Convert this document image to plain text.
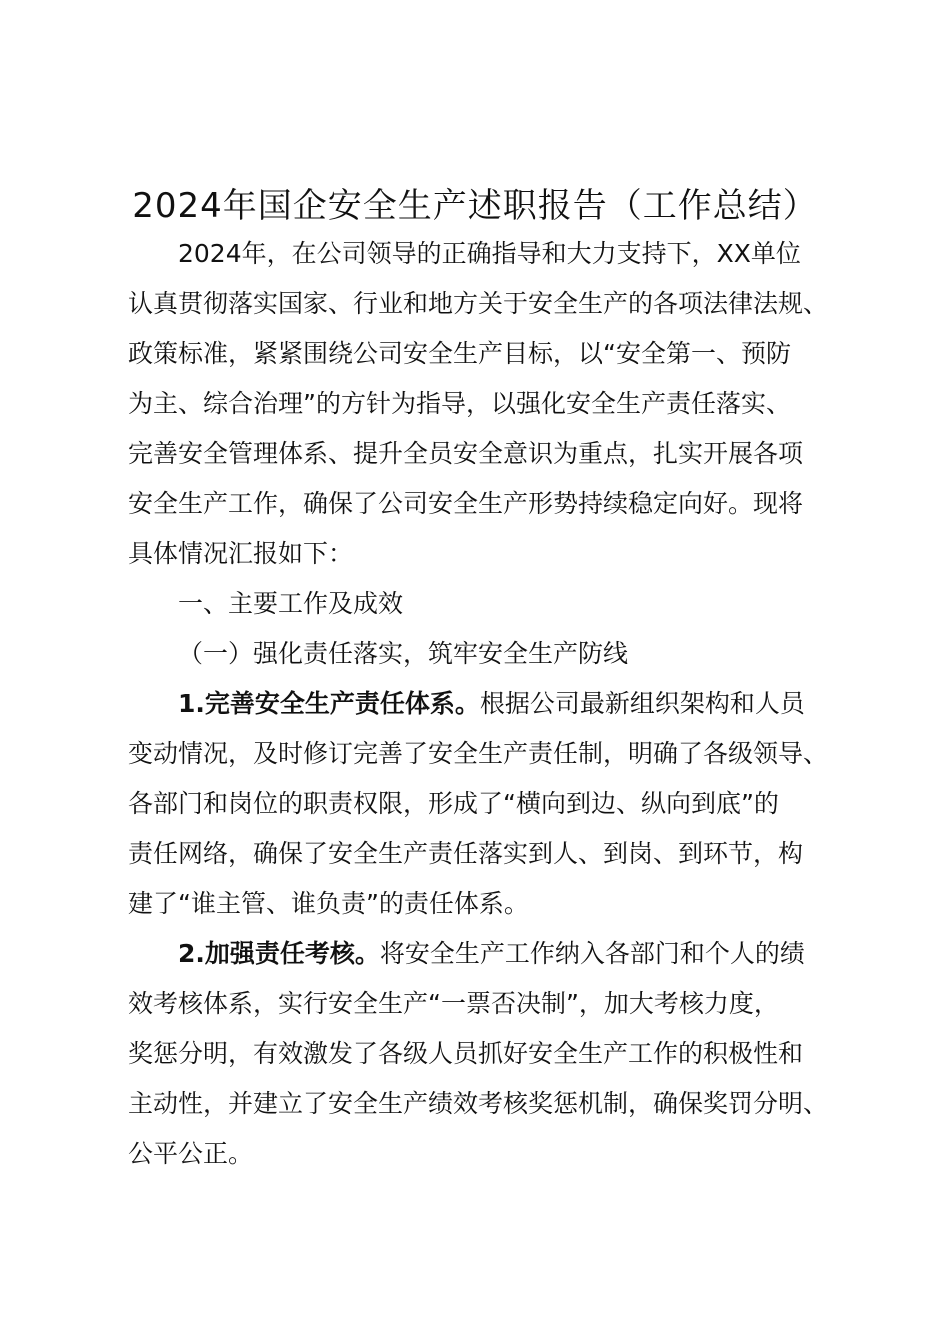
2024年国企安全生产述职报告（工作总结）
2024年，在公司领导的正确指导和大力支持下，XX单位
认真贯彻落实国家、行业和地方关于安全生产的各项法律法规、
政策标准，紧紧围绕公司安全生产目标，以“安全第一、预防
为主、综合治理”的方针为指导，以强化安全生产责任落实、
完善安全管理体系、提升全员安全意识为重点，扎实开展各项
安全生产工作，确保了公司安全生产形势持续稳定向好。现将
具体情况汇报如下：
一、主要工作及成效
（一）强化责任落实，筑牢安全生产防线
1.完善安全生产责任体系。根据公司最新组织架构和人员
变动情况，及时修订完善了安全生产责任制，明确了各级领导、
各部门和岗位的职责权限，形成了“横向到边、纵向到底”的
责任网络，确保了安全生产责任落实到人、到岗、到环节，构
建了“谁主管、谁负责”的责任体系。
2.加强责任考核。将安全生产工作纳入各部门和个人的绩
效考核体系，实行安全生产“一票否决制”，加大考核力度，
奖惩分明，有效激发了各级人员抓好安全生产工作的积极性和
主动性，并建立了安全生产绩效考核奖惩机制，确保奖罚分明、
公平公正。
